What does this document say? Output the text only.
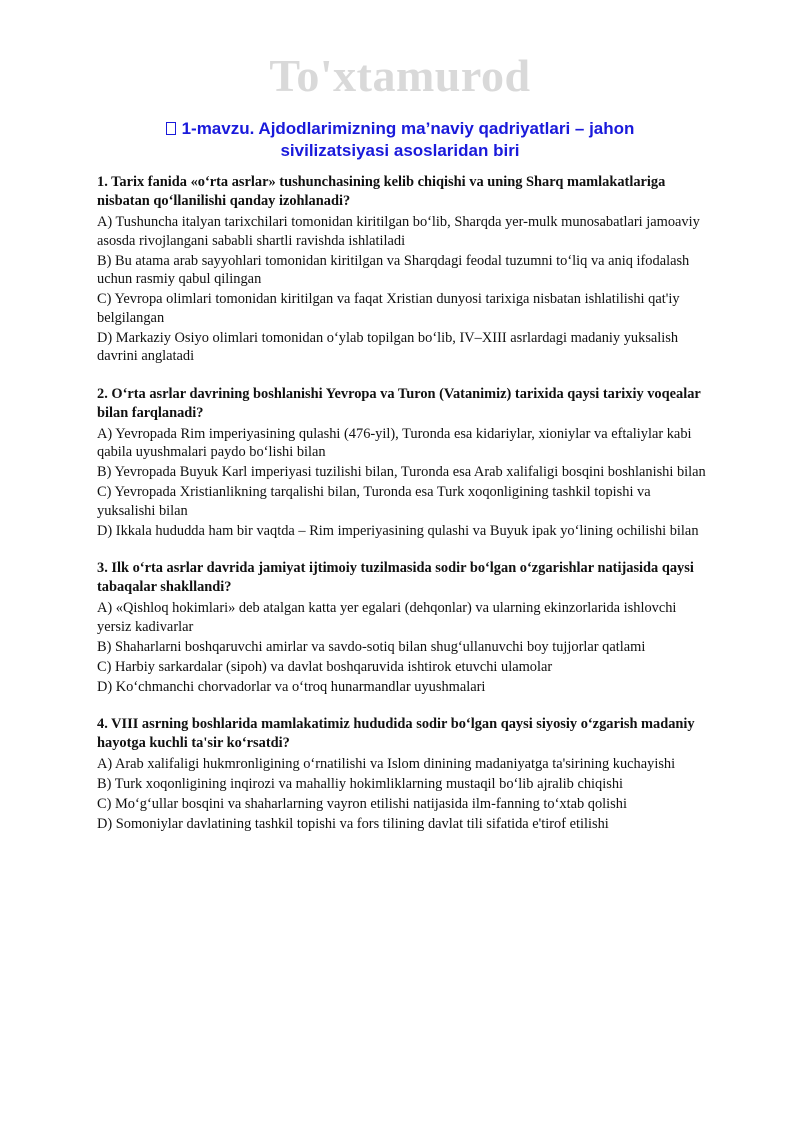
To'xtamurod
1-mavzu. Ajdodlarimizning ma’naviy qadriyatlari – jahon sivilizatsiyasi asoslaridan biri

1. Tarix fanida «o‘rta asrlar» tushunchasining kelib chiqishi va uning Sharq mamlakatlariga nisbatan qo‘llanilishi qanday izohlanadi?

A) Tushuncha italyan tarixchilari tomonidan kiritilgan bo‘lib, Sharqda yer-mulk munosabatlari jamoaviy asosda rivojlangani sababli shartli ravishda ishlatiladi

B) Bu atama arab sayyohlari tomonidan kiritilgan va Sharqdagi feodal tuzumni to‘liq va aniq ifodalash uchun rasmiy qabul qilingan

C) Yevropa olimlari tomonidan kiritilgan va faqat Xristian dunyosi tarixiga nisbatan ishlatilishi qat'iy belgilangan

D) Markaziy Osiyo olimlari tomonidan o‘ylab topilgan bo‘lib, IV–XIII asrlardagi madaniy yuksalish davrini anglatadi

2. O‘rta asrlar davrining boshlanishi Yevropa va Turon (Vatanimiz) tarixida qaysi tarixiy voqealar bilan farqlanadi?

A) Yevropada Rim imperiyasining qulashi (476-yil), Turonda esa kidariylar, xioniylar va eftaliylar kabi qabila uyushmalari paydo bo‘lishi bilan

B) Yevropada Buyuk Karl imperiyasi tuzilishi bilan, Turonda esa Arab xalifaligi bosqini boshlanishi bilan

C) Yevropada Xristianlikning tarqalishi bilan, Turonda esa Turk xoqonligining tashkil topishi va yuksalishi bilan

D) Ikkala hududda ham bir vaqtda – Rim imperiyasining qulashi va Buyuk ipak yo‘lining ochilishi bilan

3. Ilk o‘rta asrlar davrida jamiyat ijtimoiy tuzilmasida sodir bo‘lgan o‘zgarishlar natijasida qaysi tabaqalar shakllandi?

A) «Qishloq hokimlari» deb atalgan katta yer egalari (dehqonlar) va ularning ekinzorlarida ishlovchi yersiz kadivarlar

B) Shaharlarni boshqaruvchi amirlar va savdo-sotiq bilan shug‘ullanuvchi boy tujjorlar qatlami

C) Harbiy sarkardalar (sipoh) va davlat boshqaruvida ishtirok etuvchi ulamolar

D) Ko‘chmanchi chorvadorlar va o‘troq hunarmandlar uyushmalari

4. VIII asrning boshlarida mamlakatimiz hududida sodir bo‘lgan qaysi siyosiy o‘zgarish madaniy hayotga kuchli ta'sir ko‘rsatdi?

A) Arab xalifaligi hukmronligining o‘rnatilishi va Islom dinining madaniyatga ta'sirining kuchayishi

B) Turk xoqonligining inqirozi va mahalliy hokimliklarning mustaqil bo‘lib ajralib chiqishi

C) Mo‘g‘ullar bosqini va shaharlarning vayron etilishi natijasida ilm-fanning to‘xtab qolishi

D) Somoniylar davlatining tashkil topishi va fors tilining davlat tili sifatida e'tirof etilishi
